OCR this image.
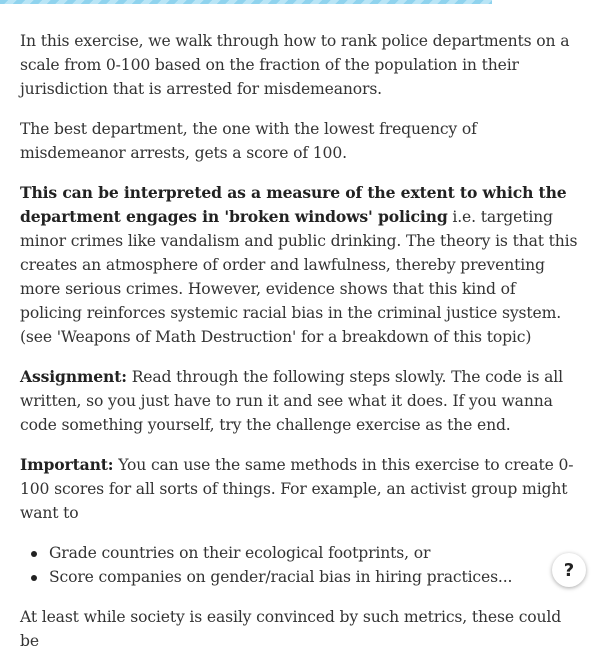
In this exercise, we walk through how to rank police departments on a scale from 0-100 based on the fraction of the population in their jurisdiction that is arrested for misdemeanors.

The best department, the one with the lowest frequency of misdemeanor arrests, gets a score of 100.

This can be interpreted as a measure of the extent to which the department engages in 'broken windows' policing i.e. targeting minor crimes like vandalism and public drinking. The theory is that this creates an atmosphere of order and lawfulness, thereby preventing more serious crimes. However, evidence shows that this kind of policing reinforces systemic racial bias in the criminal justice system. (see 'Weapons of Math Destruction' for a breakdown of this topic)

Assignment: Read through the following steps slowly. The code is all written, so you just have to run it and see what it does. If you wanna code something yourself, try the challenge exercise as the end.

Important: You can use the same methods in this exercise to create 0-100 scores for all sorts of things. For example, an activist group might want to

Grade countries on their ecological footprints, or
Score companies on gender/racial bias in hiring practices...

At least while society is easily convinced by such metrics, these could be

?
